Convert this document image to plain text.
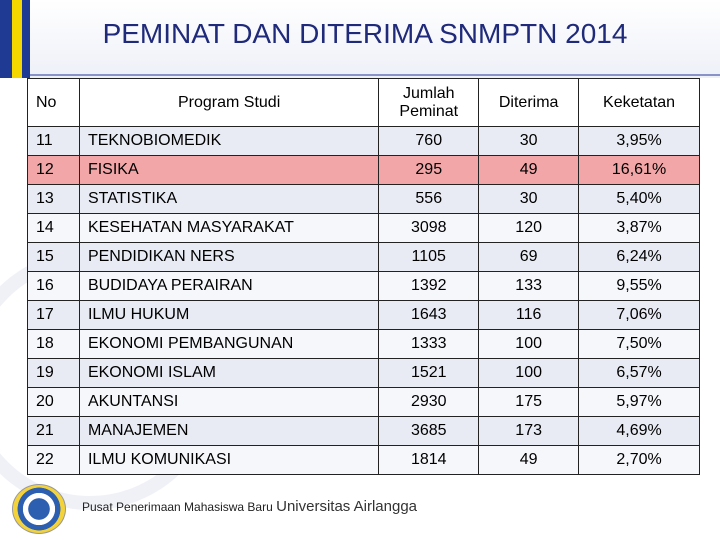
PEMINAT DAN DITERIMA SNMPTN 2014
No	Program Studi	Jumlah Peminat	Diterima	Keketatan
11	TEKNOBIOMEDIK	760	30	3,95%
12	FISIKA	295	49	16,61%
13	STATISTIKA	556	30	5,40%
14	KESEHATAN MASYARAKAT	3098	120	3,87%
15	PENDIDIKAN NERS	1105	69	6,24%
16	BUDIDAYA PERAIRAN	1392	133	9,55%
17	ILMU HUKUM	1643	116	7,06%
18	EKONOMI PEMBANGUNAN	1333	100	7,50%
19	EKONOMI ISLAM	1521	100	6,57%
20	AKUNTANSI	2930	175	5,97%
21	MANAJEMEN	3685	173	4,69%
22	ILMU KOMUNIKASI	1814	49	2,70%
Pusat Penerimaan Mahasiswa Baru Universitas Airlangga
